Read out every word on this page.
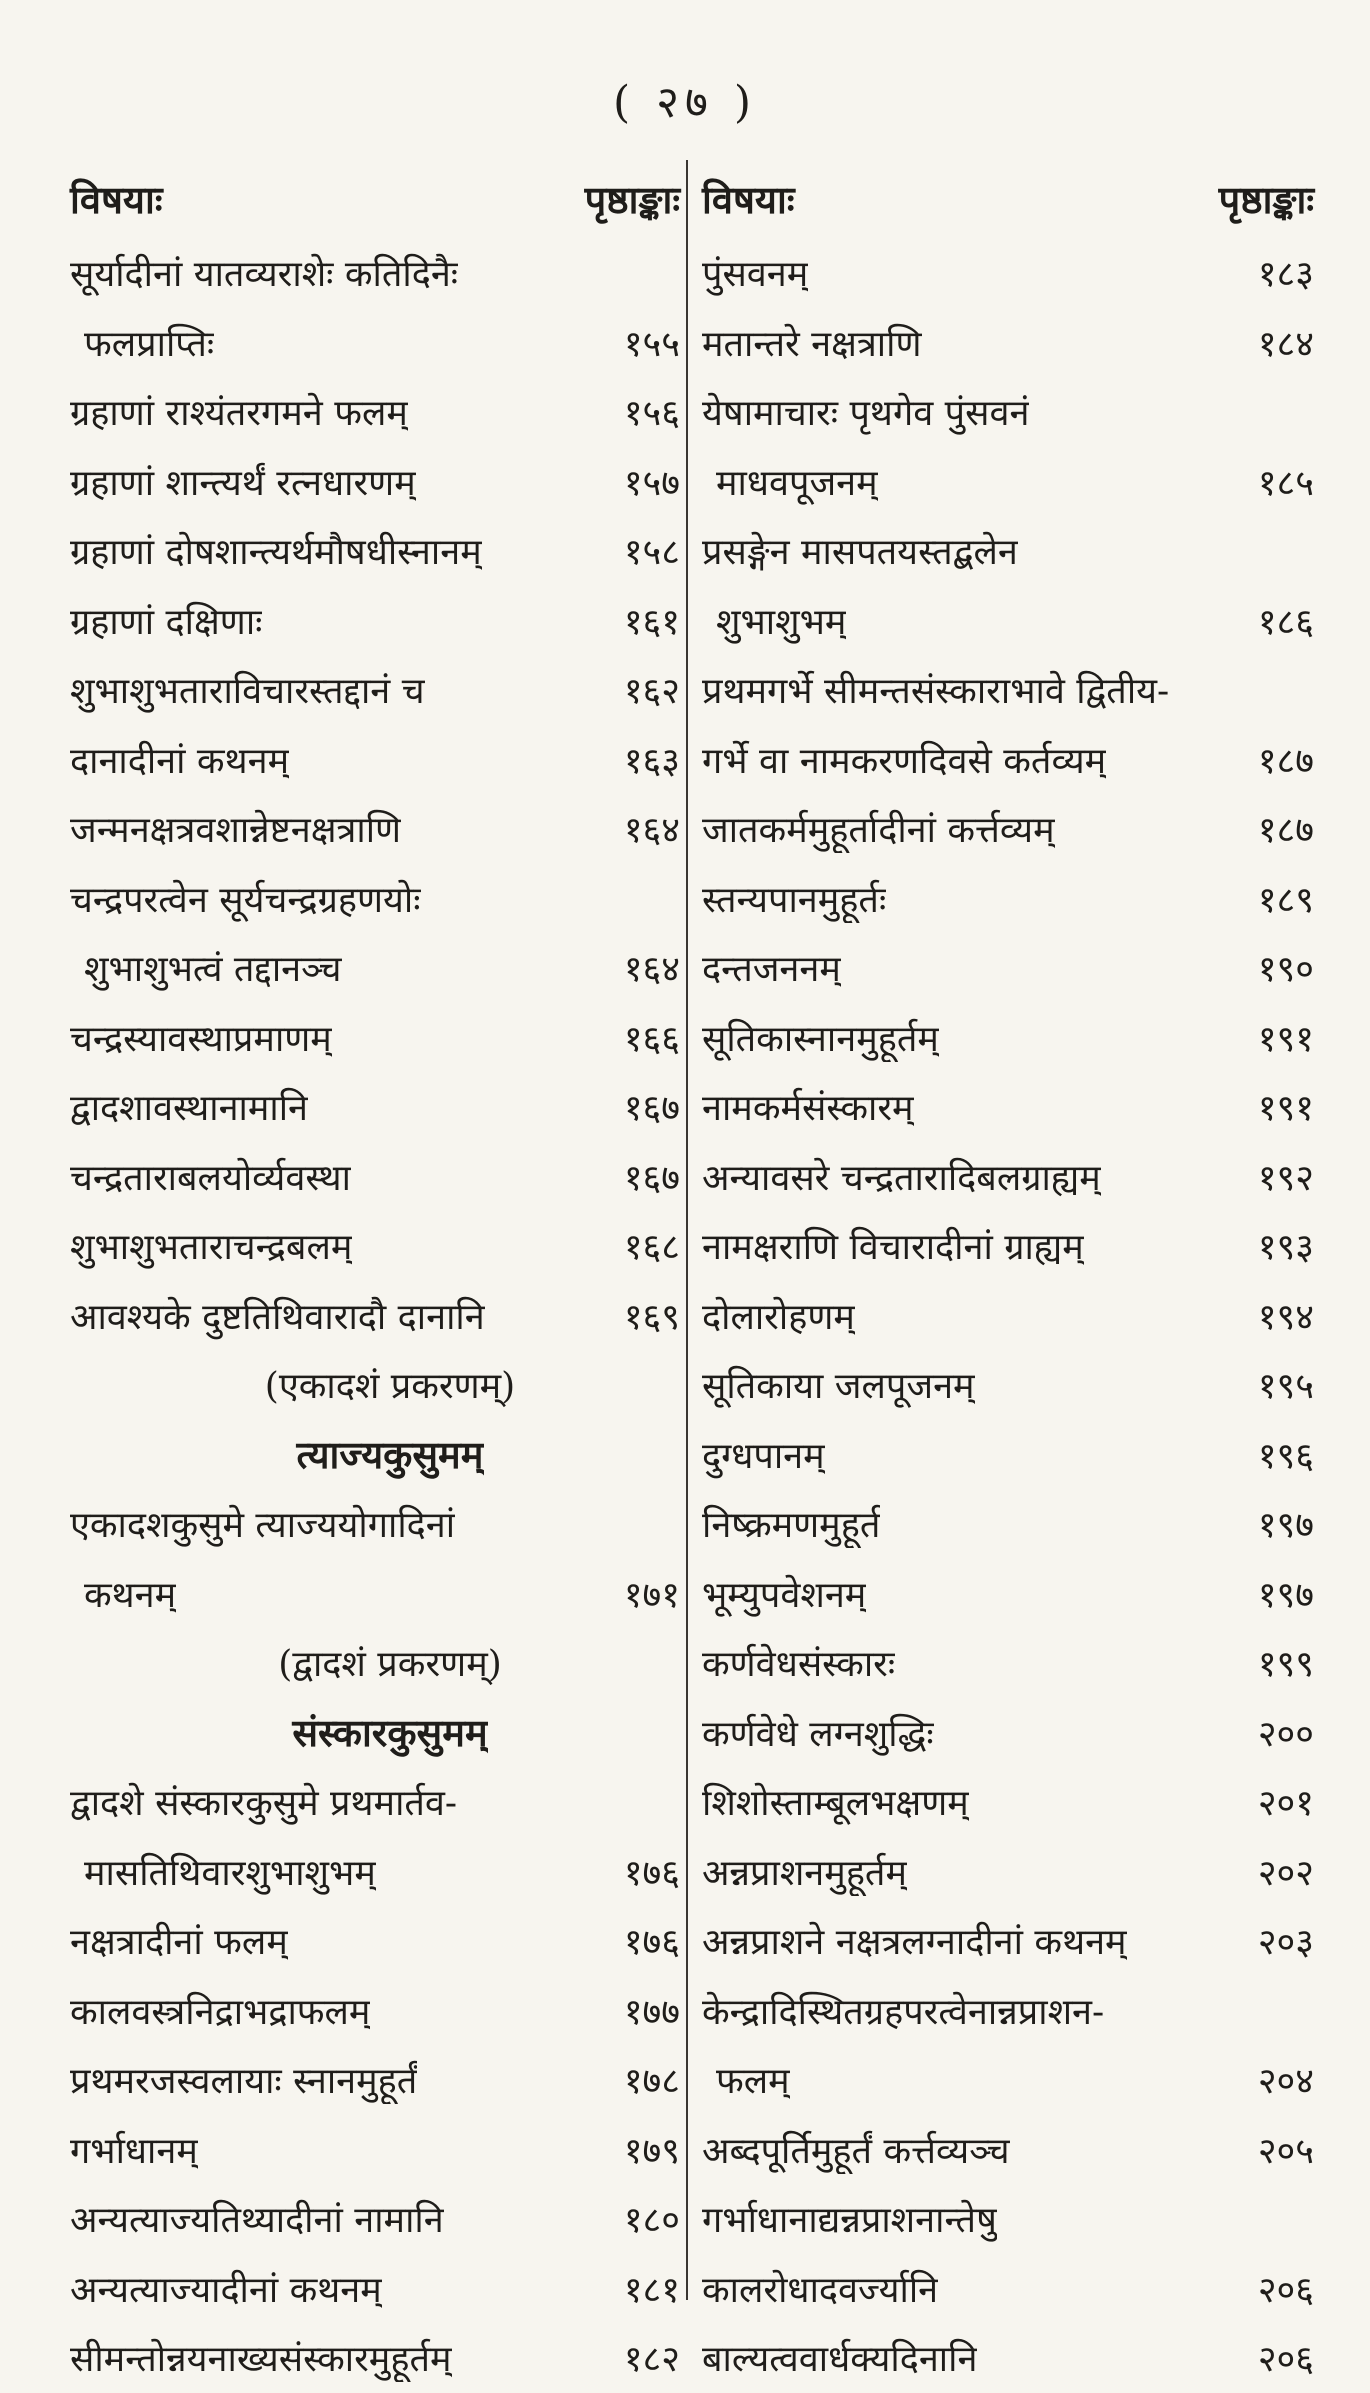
( २७ )
विषयाः	पृष्ठाङ्काः
सूर्यादीनां यातव्यराशेः कतिदिनैः
फलप्राप्तिः	१५५
ग्रहाणां राश्यंतरगमने फलम्	१५६
ग्रहाणां शान्त्यर्थं रत्नधारणम्	१५७
ग्रहाणां दोषशान्त्यर्थमौषधीस्नानम्	१५८
ग्रहाणां दक्षिणाः	१६१
शुभाशुभताराविचारस्तद्दानं च	१६२
दानादीनां कथनम्	१६३
जन्मनक्षत्रवशान्नेष्टनक्षत्राणि	१६४
चन्द्रपरत्वेन सूर्यचन्द्रग्रहणयोः
शुभाशुभत्वं तद्दानञ्च	१६४
चन्द्रस्यावस्थाप्रमाणम्	१६६
द्वादशावस्थानामानि	१६७
चन्द्रताराबलयोर्व्यवस्था	१६७
शुभाशुभताराचन्द्रबलम्	१६८
आवश्यके दुष्टतिथिवारादौ दानानि	१६९
(एकादशं प्रकरणम्)
त्याज्यकुसुमम्
एकादशकुसुमे त्याज्ययोगादिनां
कथनम्	१७१
(द्वादशं प्रकरणम्)
संस्कारकुसुमम्
द्वादशे संस्कारकुसुमे प्रथमार्तव-
मासतिथिवारशुभाशुभम्	१७६
नक्षत्रादीनां फलम्	१७६
कालवस्त्रनिद्राभद्राफलम्	१७७
प्रथमरजस्वलायाः स्नानमुहूर्तं	१७८
गर्भाधानम्	१७९
अन्यत्याज्यतिथ्यादीनां नामानि	१८०
अन्यत्याज्यादीनां कथनम्	१८१
सीमन्तोन्नयनाख्यसंस्कारमुहूर्तम्	१८२
विषयाः	पृष्ठाङ्काः
पुंसवनम्	१८३
मतान्तरे नक्षत्राणि	१८४
येषामाचारः पृथगेव पुंसवनं
माधवपूजनम्	१८५
प्रसङ्गेन मासपतयस्तद्बलेन
शुभाशुभम्	१८६
प्रथमगर्भे सीमन्तसंस्काराभावे द्वितीय-
गर्भे वा नामकरणदिवसे कर्तव्यम्	१८७
जातकर्ममुहूर्तादीनां कर्त्तव्यम्	१८७
स्तन्यपानमुहूर्तः	१८९
दन्तजननम्	१९०
सूतिकास्नानमुहूर्तम्	१९१
नामकर्मसंस्कारम्	१९१
अन्यावसरे चन्द्रतारादिबलग्राह्यम्	१९२
नामक्षराणि विचारादीनां ग्राह्यम्	१९३
दोलारोहणम्	१९४
सूतिकाया जलपूजनम्	१९५
दुग्धपानम्	१९६
निष्क्रमणमुहूर्त	१९७
भूम्युपवेशनम्	१९७
कर्णवेधसंस्कारः	१९९
कर्णवेधे लग्नशुद्धिः	२००
शिशोस्ताम्बूलभक्षणम्	२०१
अन्नप्राशनमुहूर्तम्	२०२
अन्नप्राशने नक्षत्रलग्नादीनां कथनम्	२०३
केन्द्रादिस्थितग्रहपरत्वेनान्नप्राशन-
फलम्	२०४
अब्दपूर्तिमुहूर्तं कर्त्तव्यञ्च	२०५
गर्भाधानाद्यन्नप्राशनान्तेषु
कालरोधादवर्ज्यानि	२०६
बाल्यत्ववार्धक्यदिनानि	२०६
